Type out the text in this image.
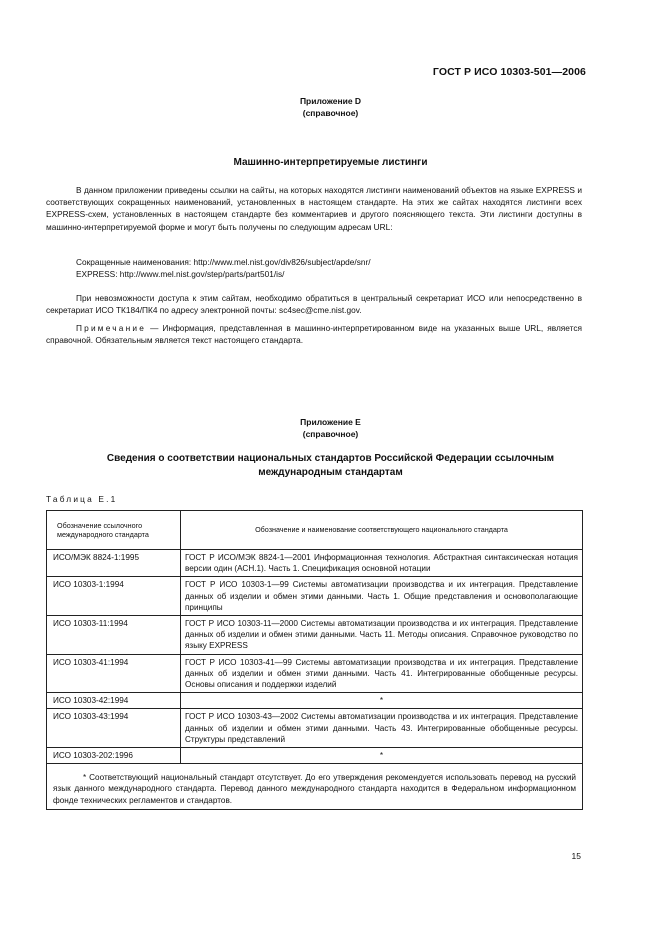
ГОСТ Р ИСО 10303-501—2006
Приложение D
(справочное)
Машинно-интерпретируемые листинги
В данном приложении приведены ссылки на сайты, на которых находятся листинги наименований объектов на языке EXPRESS и соответствующих сокращенных наименований, установленных в настоящем стандарте. На этих же сайтах находятся листинги всех EXPRESS-схем, установленных в настоящем стандарте без комментариев и другого поясняющего текста. Эти листинги доступны в машинно-интерпретируемой форме и могут быть получены по следующим адресам URL:
Сокращенные наименования: http://www.mel.nist.gov/div826/subject/apde/snr/
EXPRESS: http://www.mel.nist.gov/step/parts/part501/is/
При невозможности доступа к этим сайтам, необходимо обратиться в центральный секретариат ИСО или непосредственно в секретариат ИСО ТК184/ПК4 по адресу электронной почты: sc4sec@cme.nist.gov.
Примечание — Информация, представленная в машинно-интерпретированном виде на указанных выше URL, является справочной. Обязательным является текст настоящего стандарта.
Приложение Е
(справочное)
Сведения о соответствии национальных стандартов Российской Федерации ссылочным
международным стандартам
Таблица Е.1
Обозначение ссылочного международного стандарта	Обозначение и наименование соответствующего национального стандарта
ИСО/МЭК 8824-1:1995	ГОСТ Р ИСО/МЭК 8824-1—2001 Информационная технология. Абстрактная синтаксическая нотация версии один (АСН.1). Часть 1. Спецификация основной нотации
ИСО 10303-1:1994	ГОСТ Р ИСО 10303-1—99 Системы автоматизации производства и их интеграция. Представление данных об изделии и обмен этими данными. Часть 1. Общие представления и основополагающие принципы
ИСО 10303-11:1994	ГОСТ Р ИСО 10303-11—2000 Системы автоматизации производства и их интеграция. Представление данных об изделии и обмен этими данными. Часть 11. Методы описания. Справочное руководство по языку EXPRESS
ИСО 10303-41:1994	ГОСТ Р ИСО 10303-41—99 Системы автоматизации производства и их интеграция. Представление данных об изделии и обмен этими данными. Часть 41. Интегрированные обобщенные ресурсы. Основы описания и поддержки изделий
ИСО 10303-42:1994	*
ИСО 10303-43:1994	ГОСТ Р ИСО 10303-43—2002 Системы автоматизации производства и их интеграция. Представление данных об изделии и обмен этими данными. Часть 43. Интегрированные обобщенные ресурсы. Структуры представлений
ИСО 10303-202:1996	*

* Соответствующий национальный стандарт отсутствует. До его утверждения рекомендуется использовать перевод на русский язык данного международного стандарта. Перевод данного международного стандарта находится в Федеральном информационном фонде технических регламентов и стандартов.	
15
